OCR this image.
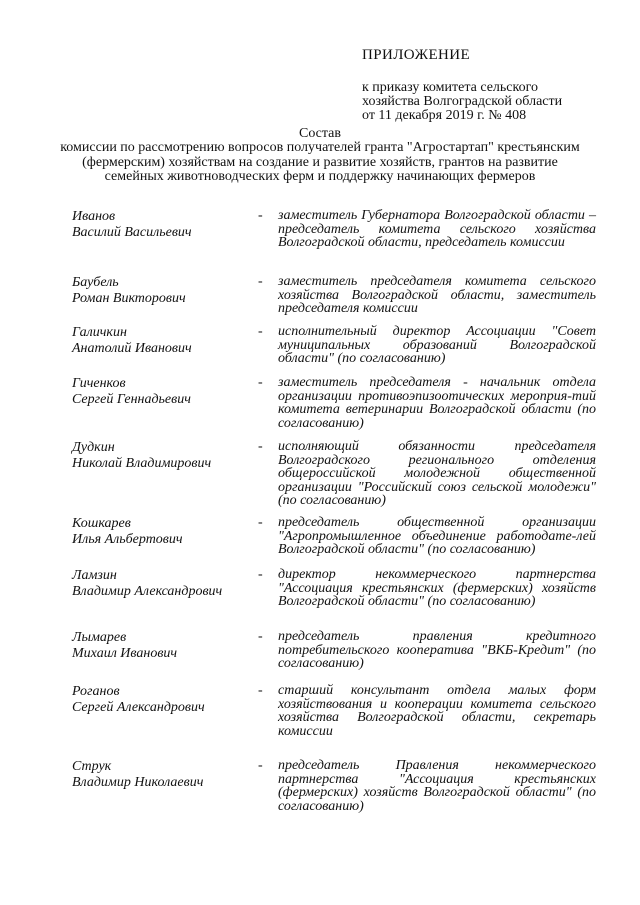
ПРИЛОЖЕНИЕ
к приказу комитета сельского
хозяйства Волгоградской области
от 11 декабря 2019 г. № 408
Состав
комиссии по рассмотрению вопросов получателей гранта "Агростартап" крестьянским (фермерским) хозяйствам на создание и развитие хозяйств, грантов на развитие семейных животноводческих ферм и поддержку начинающих фермеров
Иванов
Василий Васильевич
- заместитель Губернатора Волгоградской области – председатель комитета сельского хозяйства Волгоградской области, председатель комиссии
Баубель
Роман Викторович
- заместитель председателя комитета сельского хозяйства Волгоградской области, заместитель председателя комиссии
Галичкин
Анатолий Иванович
- исполнительный директор Ассоциации "Совет муниципальных образований Волгоградской области" (по согласованию)
Гиченков
Сергей Геннадьевич
- заместитель председателя - начальник отдела организации противоэпизоотических мероприя-тий комитета ветеринарии Волгоградской области (по согласованию)
Дудкин
Николай Владимирович
- исполняющий обязанности председателя Волгоградского регионального отделения общероссийской молодежной общественной организации "Российский союз сельской молодежи" (по согласованию)
Кошкарев
Илья Альбертович
- председатель общественной организации "Агропромышленное объединение работодате-лей Волгоградской области" (по согласованию)
Ламзин
Владимир Александрович
- директор некоммерческого партнерства "Ассоциация крестьянских (фермерских) хозяйств Волгоградской области" (по согласованию)
Лымарев
Михаил Иванович
- председатель правления кредитного потребительского кооператива "ВКБ-Кредит" (по согласованию)
Роганов
Сергей Александрович
- старший консультант отдела малых форм хозяйствования и кооперации комитета сельского хозяйства Волгоградской области, секретарь комиссии
Струк
Владимир Николаевич
- председатель Правления некоммерческого партнерства "Ассоциация крестьянских (фермерских) хозяйств Волгоградской области" (по согласованию)
